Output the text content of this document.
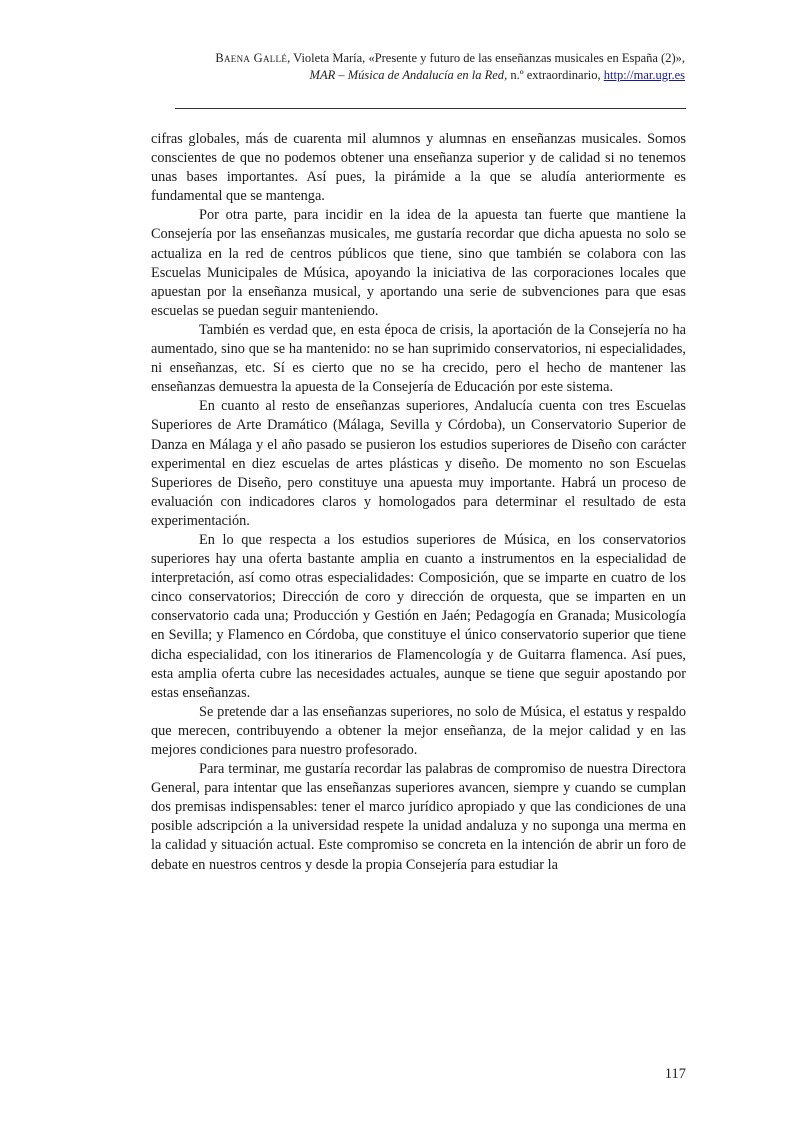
Baena Gallé, Violeta María, «Presente y futuro de las enseñanzas musicales en España (2)»,
MAR – Música de Andalucía en la Red, n.º extraordinario, http://mar.ugr.es

cifras globales, más de cuarenta mil alumnos y alumnas en enseñanzas musicales. Somos conscientes de que no podemos obtener una enseñanza superior y de calidad si no tenemos unas bases importantes. Así pues, la pirámide a la que se aludía anteriormente es fundamental que se mantenga.

Por otra parte, para incidir en la idea de la apuesta tan fuerte que mantiene la Consejería por las enseñanzas musicales, me gustaría recordar que dicha apuesta no solo se actualiza en la red de centros públicos que tiene, sino que también se colabora con las Escuelas Municipales de Música, apoyando la iniciativa de las corporaciones locales que apuestan por la enseñanza musical, y aportando una serie de subvenciones para que esas escuelas se puedan seguir manteniendo.

También es verdad que, en esta época de crisis, la aportación de la Consejería no ha aumentado, sino que se ha mantenido: no se han suprimido conservatorios, ni especialidades, ni enseñanzas, etc. Sí es cierto que no se ha crecido, pero el hecho de mantener las enseñanzas demuestra la apuesta de la Consejería de Educación por este sistema.

En cuanto al resto de enseñanzas superiores, Andalucía cuenta con tres Escuelas Superiores de Arte Dramático (Málaga, Sevilla y Córdoba), un Conservatorio Superior de Danza en Málaga y el año pasado se pusieron los estudios superiores de Diseño con carácter experimental en diez escuelas de artes plásticas y diseño. De momento no son Escuelas Superiores de Diseño, pero constituye una apuesta muy importante. Habrá un proceso de evaluación con indicadores claros y homologados para determinar el resultado de esta experimentación.

En lo que respecta a los estudios superiores de Música, en los conservatorios superiores hay una oferta bastante amplia en cuanto a instrumentos en la especialidad de interpretación, así como otras especialidades: Composición, que se imparte en cuatro de los cinco conservatorios; Dirección de coro y dirección de orquesta, que se imparten en un conservatorio cada una; Producción y Gestión en Jaén; Pedagogía en Granada; Musicología en Sevilla; y Flamenco en Córdoba, que constituye el único conservatorio superior que tiene dicha especialidad, con los itinerarios de Flamencología y de Guitarra flamenca. Así pues, esta amplia oferta cubre las necesidades actuales, aunque se tiene que seguir apostando por estas enseñanzas.

Se pretende dar a las enseñanzas superiores, no solo de Música, el estatus y respaldo que merecen, contribuyendo a obtener la mejor enseñanza, de la mejor calidad y en las mejores condiciones para nuestro profesorado.

Para terminar, me gustaría recordar las palabras de compromiso de nuestra Directora General, para intentar que las enseñanzas superiores avancen, siempre y cuando se cumplan dos premisas indispensables: tener el marco jurídico apropiado y que las condiciones de una posible adscripción a la universidad respete la unidad andaluza y no suponga una merma en la calidad y situación actual. Este compromiso se concreta en la intención de abrir un foro de debate en nuestros centros y desde la propia Consejería para estudiar la

117
